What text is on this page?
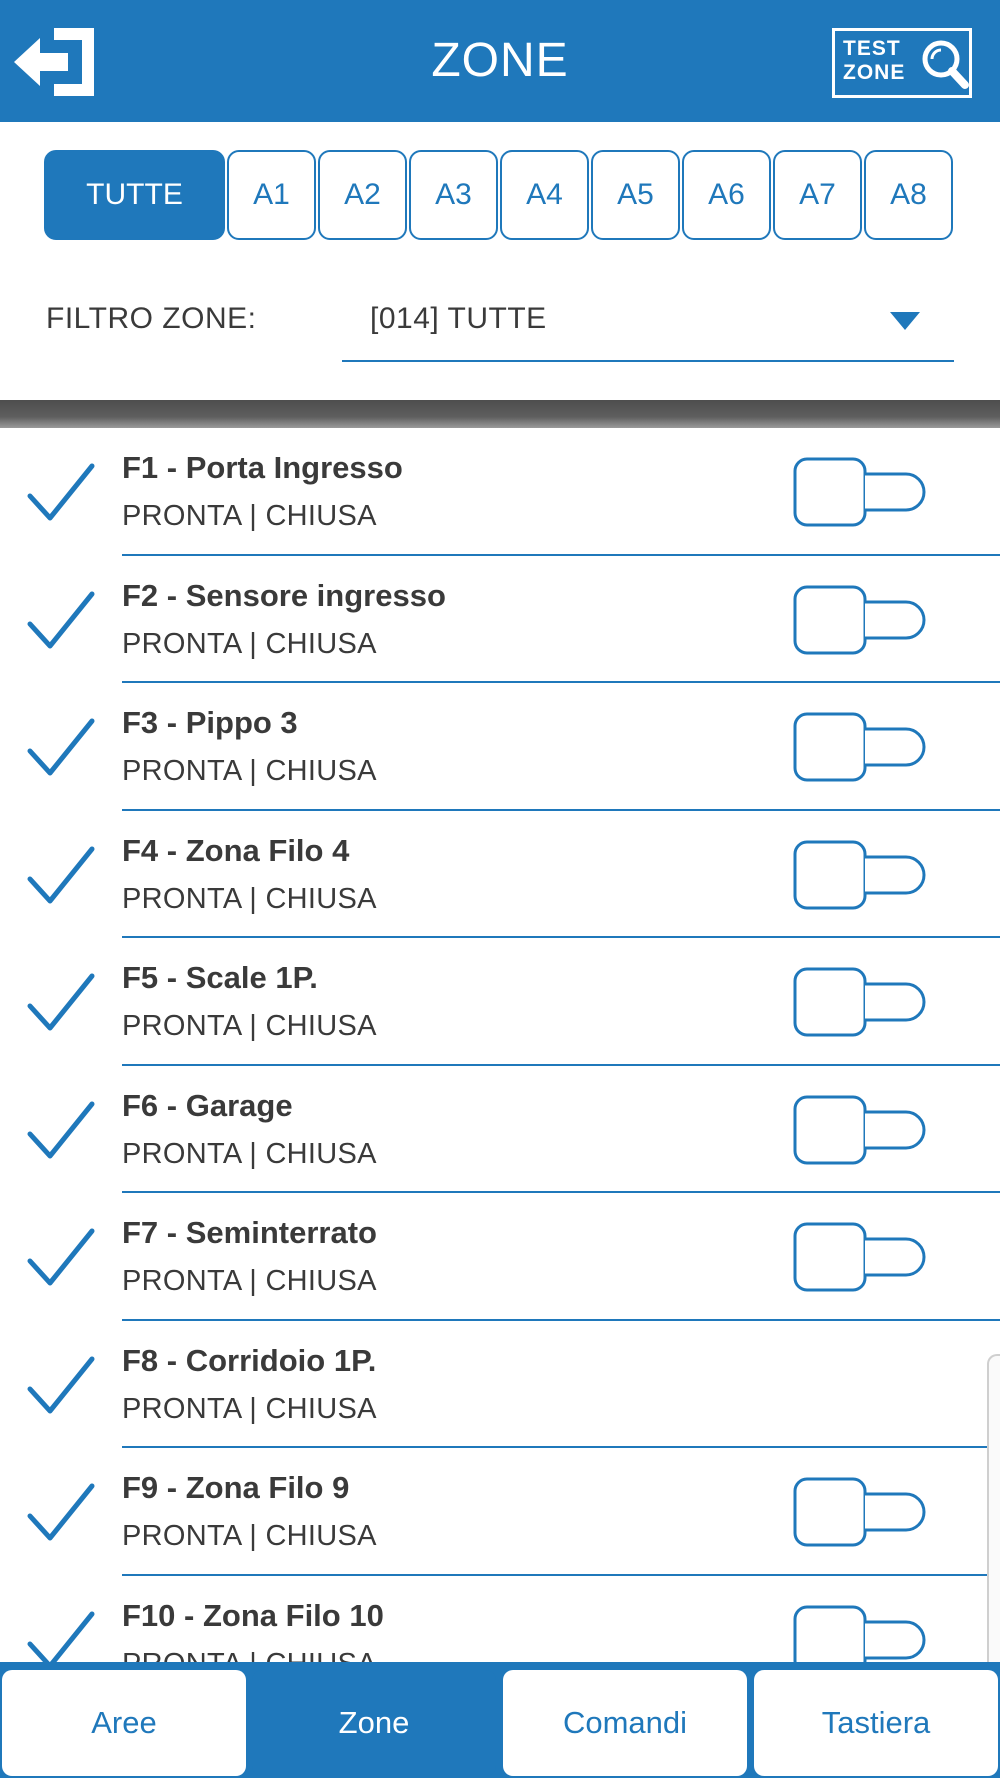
ZONE	TEST
ZONE
TUTTE	A1	A2	A3	A4	A5	A6	A7	A8
FILTRO ZONE:	[014] TUTTE
F1 - Porta Ingresso
PRONTA | CHIUSA
F2 - Sensore ingresso
PRONTA | CHIUSA
F3 - Pippo 3
PRONTA | CHIUSA
F4 - Zona Filo 4
PRONTA | CHIUSA
F5 - Scale 1P.
PRONTA | CHIUSA
F6 - Garage
PRONTA | CHIUSA
F7 - Seminterrato
PRONTA | CHIUSA
F8 - Corridoio 1P.
PRONTA | CHIUSA
F9 - Zona Filo 9
PRONTA | CHIUSA
F10 - Zona Filo 10
Aree	Zone	Comandi	Tastiera
